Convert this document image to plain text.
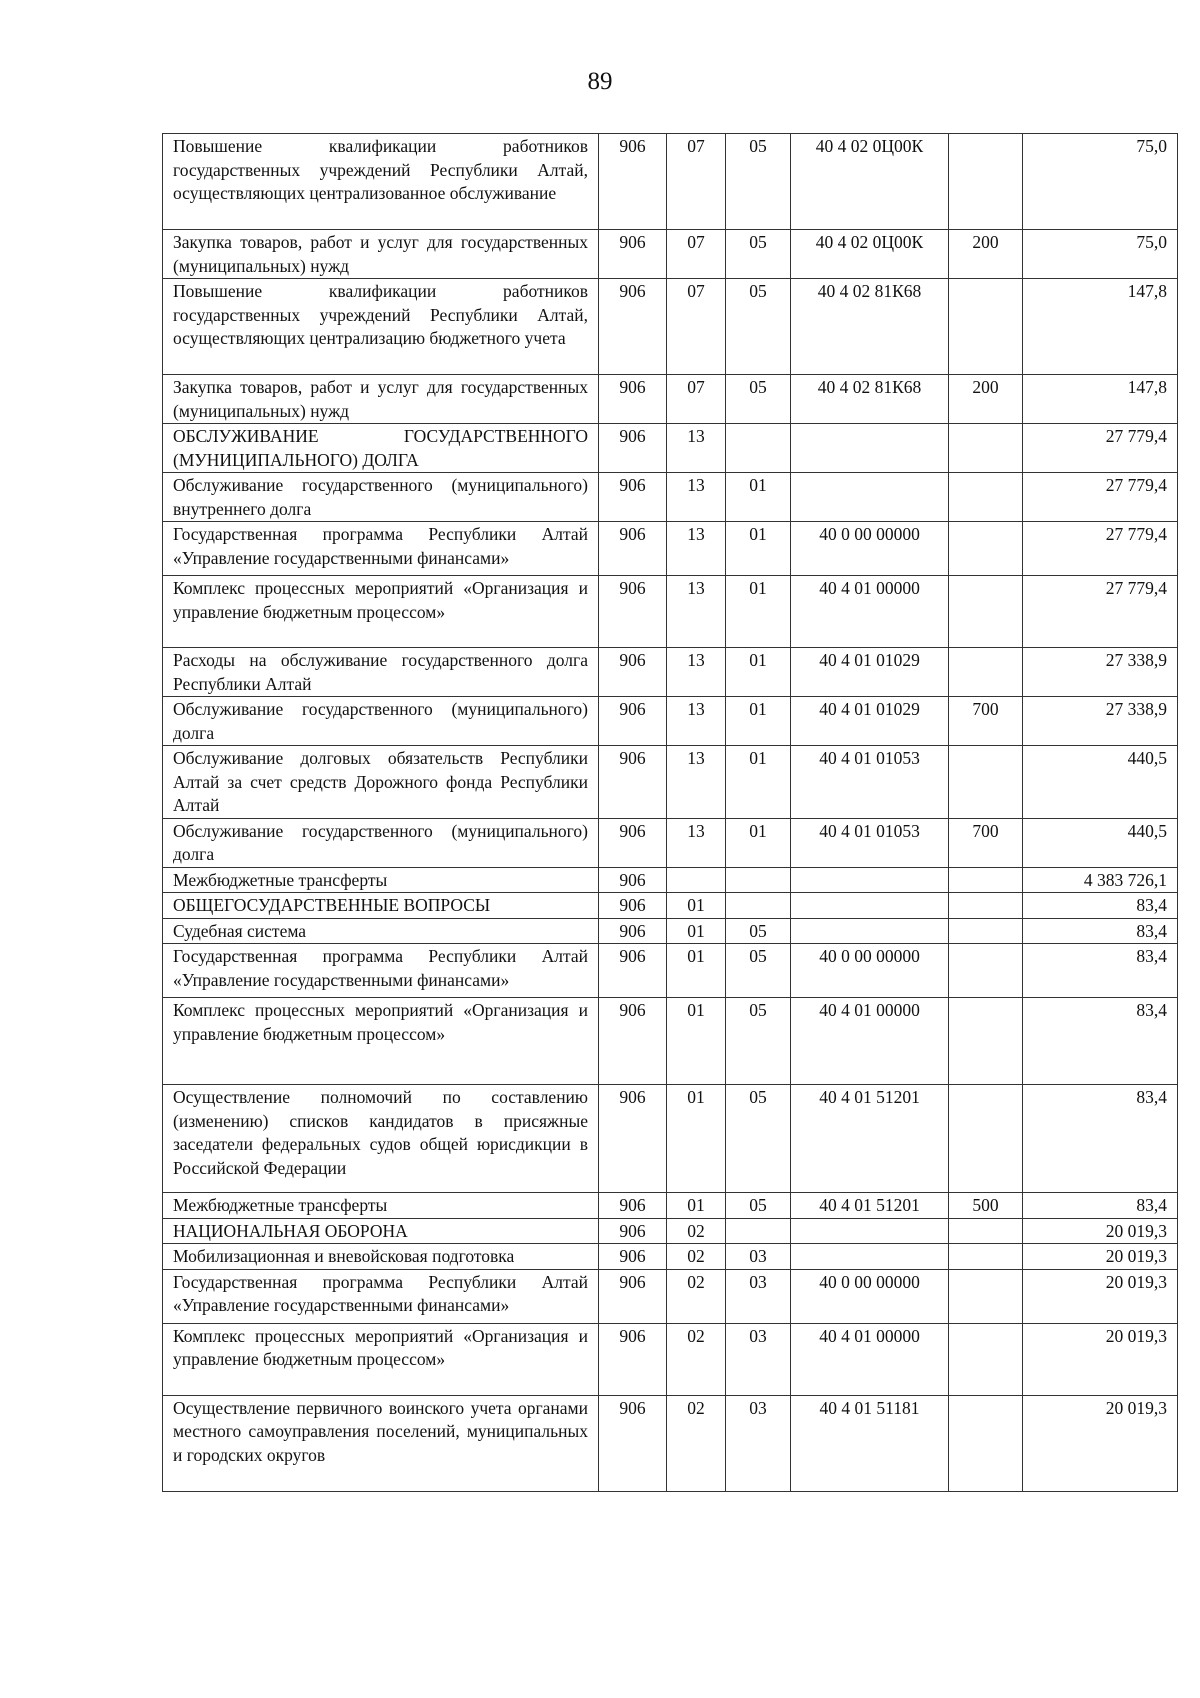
89
Повышение квалификации работников государственных учреждений Республики Алтай, осуществляющих централизованное обслуживание	906	07	05	40 4 02 0Ц00К		75,0
Закупка товаров, работ и услуг для государственных (муниципальных) нужд	906	07	05	40 4 02 0Ц00К	200	75,0
Повышение квалификации работников государственных учреждений Республики Алтай, осуществляющих централизацию бюджетного учета	906	07	05	40 4 02 81К68		147,8
Закупка товаров, работ и услуг для государственных (муниципальных) нужд	906	07	05	40 4 02 81К68	200	147,8
ОБСЛУЖИВАНИЕ ГОСУДАРСТВЕННОГО (МУНИЦИПАЛЬНОГО) ДОЛГА	906	13				27 779,4
Обслуживание государственного (муниципального) внутреннего долга	906	13	01			27 779,4
Государственная программа Республики Алтай «Управление государственными финансами»	906	13	01	40 0 00 00000		27 779,4
Комплекс процессных мероприятий «Организация и управление бюджетным процессом»	906	13	01	40 4 01 00000		27 779,4
Расходы на обслуживание государственного долга Республики Алтай	906	13	01	40 4 01 01029		27 338,9
Обслуживание государственного (муниципального) долга	906	13	01	40 4 01 01029	700	27 338,9
Обслуживание долговых обязательств Республики Алтай за счет средств Дорожного фонда Республики Алтай	906	13	01	40 4 01 01053		440,5
Обслуживание государственного (муниципального) долга	906	13	01	40 4 01 01053	700	440,5
Межбюджетные трансферты	906					4 383 726,1
ОБЩЕГОСУДАРСТВЕННЫЕ ВОПРОСЫ	906	01				83,4
Судебная система	906	01	05			83,4
Государственная программа Республики Алтай «Управление государственными финансами»	906	01	05	40 0 00 00000		83,4
Комплекс процессных мероприятий «Организация и управление бюджетным процессом»	906	01	05	40 4 01 00000		83,4
Осуществление полномочий по составлению (изменению) списков кандидатов в присяжные заседатели федеральных судов общей юрисдикции в Российской Федерации	906	01	05	40 4 01 51201		83,4
Межбюджетные трансферты	906	01	05	40 4 01 51201	500	83,4
НАЦИОНАЛЬНАЯ ОБОРОНА	906	02				20 019,3
Мобилизационная и вневойсковая подготовка	906	02	03			20 019,3
Государственная программа Республики Алтай «Управление государственными финансами»	906	02	03	40 0 00 00000		20 019,3
Комплекс процессных мероприятий «Организация и управление бюджетным процессом»	906	02	03	40 4 01 00000		20 019,3
Осуществление первичного воинского учета органами местного самоуправления поселений, муниципальных и городских округов	906	02	03	40 4 01 51181		20 019,3
